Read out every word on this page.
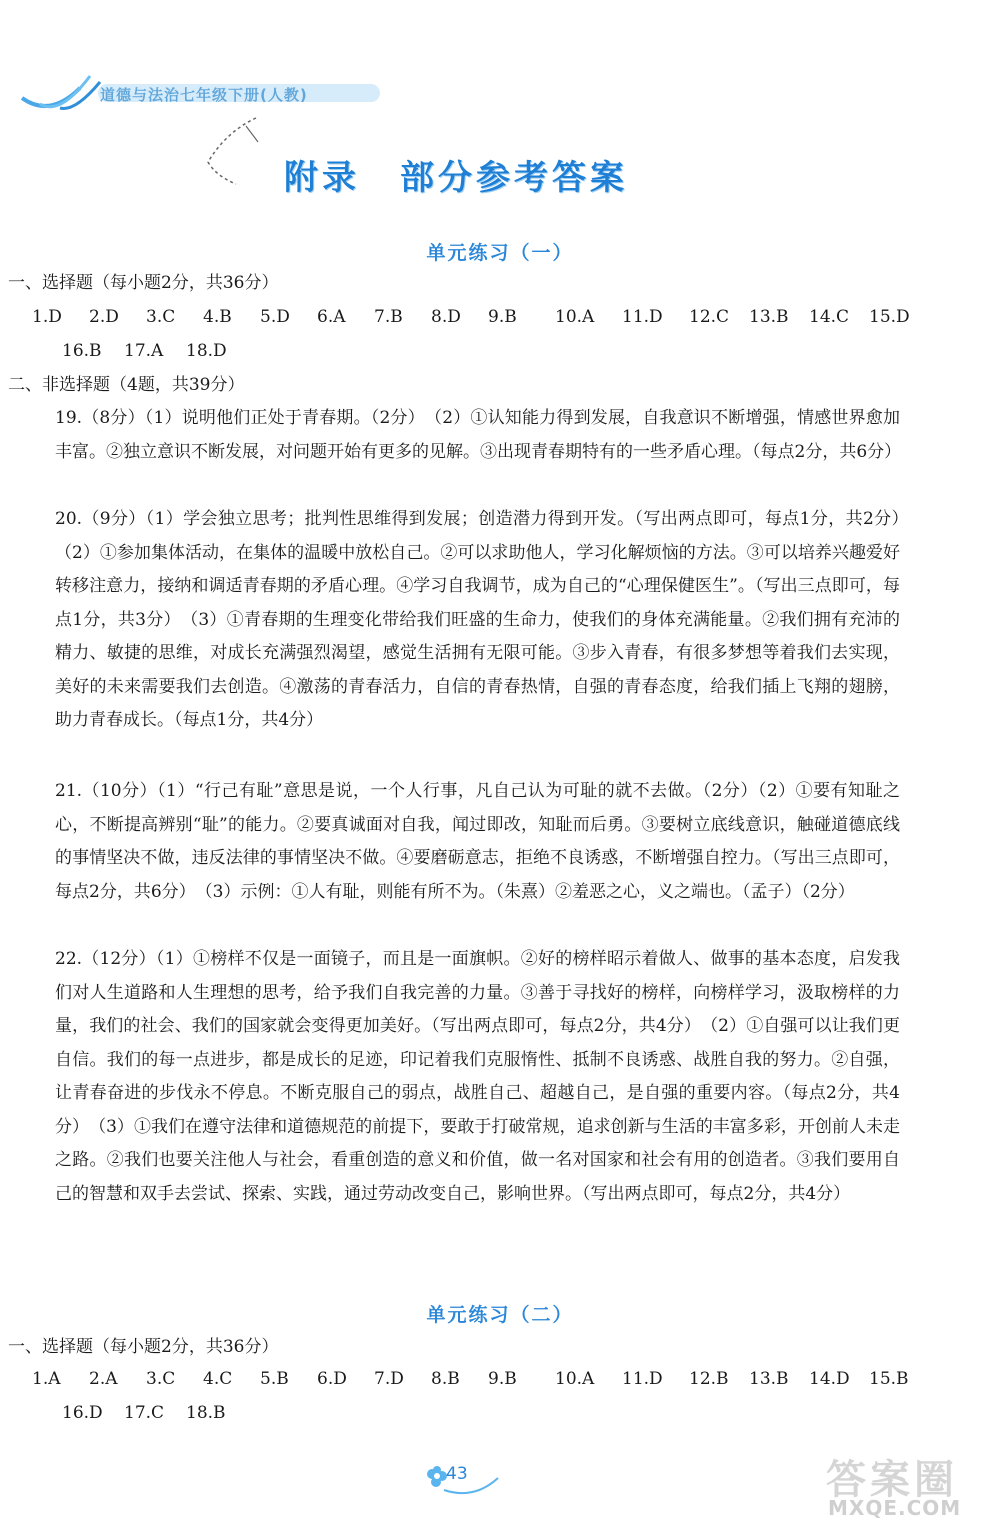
道德与法治七年级下册(人教)
附录 部分参考答案
单元练习（一）
一、选择题（每小题2分，共36分）
1.D	2.D	3.C	4.B	5.D	6.A	7.B	8.D	9.B	10.A	11.D	12.C	13.B	14.C	15.D
16.B	17.A	18.D
二、非选择题（4题，共39分）
19.（8分）（1）说明他们正处于青春期。（2分）　（2）①认知能力得到发展，自我意识不断增强，情感世界愈加丰富。②独立意识不断发展，对问题开始有更多的见解。③出现青春期特有的一些矛盾心理。（每点2分，共6分）
20.（9分）（1）学会独立思考；批判性思维得到发展；创造潜力得到开发。（写出两点即可，每点1分，共2分）　（2）①参加集体活动，在集体的温暖中放松自己。②可以求助他人，学习化解烦恼的方法。③可以培养兴趣爱好转移注意力，接纳和调适青春期的矛盾心理。④学习自我调节，成为自己的“心理保健医生”。（写出三点即可，每点1分，共3分）　（3）①青春期的生理变化带给我们旺盛的生命力，使我们的身体充满能量。②我们拥有充沛的精力、敏捷的思维，对成长充满强烈渴望，感觉生活拥有无限可能。③步入青春，有很多梦想等着我们去实现，美好的未来需要我们去创造。④激荡的青春活力，自信的青春热情，自强的青春态度，给我们插上飞翔的翅膀，助力青春成长。（每点1分，共4分）
21.（10分）（1）“行己有耻”意思是说，一个人行事，凡自己认为可耻的就不去做。（2分）（2）①要有知耻之心，不断提高辨别“耻”的能力。②要真诚面对自我，闻过即改，知耻而后勇。③要树立底线意识，触碰道德底线的事情坚决不做，违反法律的事情坚决不做。④要磨砺意志，拒绝不良诱惑，不断增强自控力。（写出三点即可，每点2分，共6分）　（3）示例：①人有耻，则能有所不为。（朱熹）②羞恶之心，义之端也。（孟子）（2分）
22.（12分）（1）①榜样不仅是一面镜子，而且是一面旗帜。②好的榜样昭示着做人、做事的基本态度，启发我们对人生道路和人生理想的思考，给予我们自我完善的力量。③善于寻找好的榜样，向榜样学习，汲取榜样的力量，我们的社会、我们的国家就会变得更加美好。（写出两点即可，每点2分，共4分）　（2）①自强可以让我们更自信。我们的每一点进步，都是成长的足迹，印记着我们克服惰性、抵制不良诱惑、战胜自我的努力。②自强，让青春奋进的步伐永不停息。不断克服自己的弱点，战胜自己、超越自己，是自强的重要内容。（每点2分，共4分）　（3）①我们在遵守法律和道德规范的前提下，要敢于打破常规，追求创新与生活的丰富多彩，开创前人未走之路。②我们也要关注他人与社会，看重创造的意义和价值，做一名对国家和社会有用的创造者。③我们要用自己的智慧和双手去尝试、探索、实践，通过劳动改变自己，影响世界。（写出两点即可，每点2分，共4分）
单元练习（二）
一、选择题（每小题2分，共36分）
1.A	2.A	3.C	4.C	5.B	6.D	7.D	8.B	9.B	10.A	11.D	12.B	13.B	14.D	15.B
16.D	17.C	18.B
43	答案圈
MXQE.COM
